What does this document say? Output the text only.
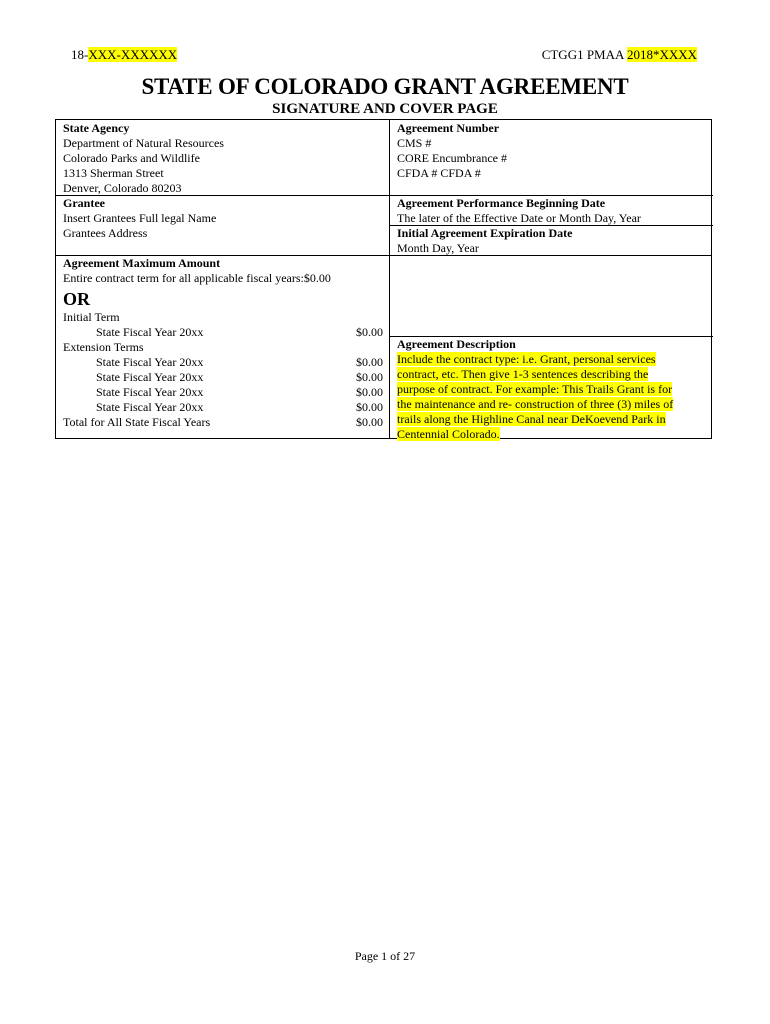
18-XXX-XXXXXX	CTGG1 PMAA 2018*XXXX
STATE OF COLORADO GRANT AGREEMENT
SIGNATURE AND COVER PAGE
State Agency
Department of Natural Resources
Colorado Parks and Wildlife
1313 Sherman Street
Denver, Colorado 80203
Agreement Number
CMS #
CORE Encumbrance #
CFDA # CFDA #
Grantee
Insert Grantees Full legal Name
Grantees Address
Agreement Performance Beginning Date
The later of the Effective Date or Month Day, Year
Initial Agreement Expiration Date
Month Day, Year
Agreement Maximum Amount
Entire contract term for all applicable fiscal years:$0.00
OR
Initial Term
State Fiscal Year 20xx	$0.00
Extension Terms
State Fiscal Year 20xx	$0.00
State Fiscal Year 20xx	$0.00
State Fiscal Year 20xx	$0.00
State Fiscal Year 20xx	$0.00
Total for All State Fiscal Years	$0.00
Agreement Description
Include the contract type: i.e. Grant, personal services
contract, etc. Then give 1-3 sentences describing the
purpose of contract. For example: This Trails Grant is for
the maintenance and re- construction of three (3) miles of
trails along the Highline Canal near DeKoevend Park in
Centennial Colorado.
Page 1 of 27
